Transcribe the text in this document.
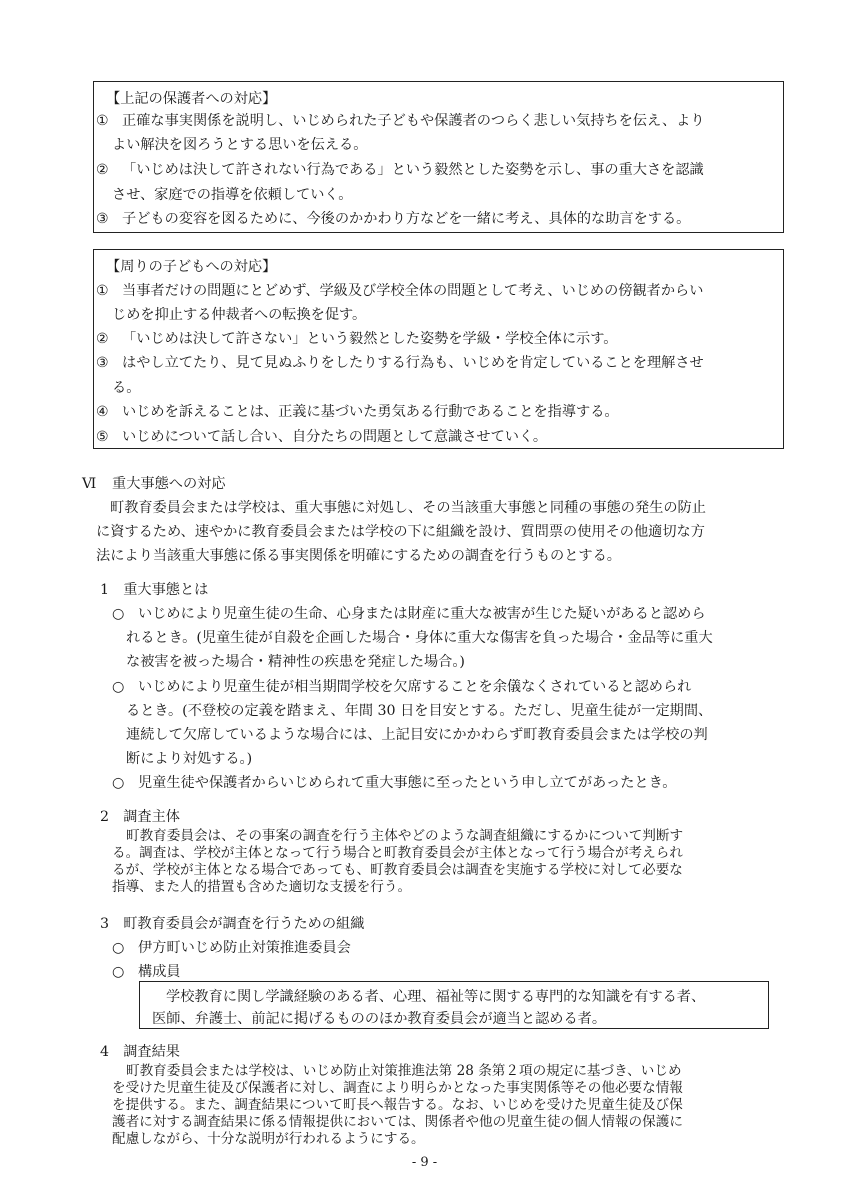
【上記の保護者への対応】
① 正確な事実関係を説明し、いじめられた子どもや保護者のつらく悲しい気持ちを伝え、より
よい解決を図ろうとする思いを伝える。
② 「いじめは決して許されない行為である」という毅然とした姿勢を示し、事の重大さを認識
させ、家庭での指導を依頼していく。
③ 子どもの変容を図るために、今後のかかわり方などを一緒に考え、具体的な助言をする。
【周りの子どもへの対応】
① 当事者だけの問題にとどめず、学級及び学校全体の問題として考え、いじめの傍観者からい
じめを抑止する仲裁者への転換を促す。
② 「いじめは決して許さない」という毅然とした姿勢を学級・学校全体に示す。
③ はやし立てたり、見て見ぬふりをしたりする行為も、いじめを肯定していることを理解させ
る。
④ いじめを訴えることは、正義に基づいた勇気ある行動であることを指導する。
⑤ いじめについて話し合い、自分たちの問題として意識させていく。
Ⅵ 重大事態への対応
町教育委員会または学校は、重大事態に対処し、その当該重大事態と同種の事態の発生の防止
に資するため、速やかに教育委員会または学校の下に組織を設け、質問票の使用その他適切な方
法により当該重大事態に係る事実関係を明確にするための調査を行うものとする。
1　重大事態とは
○ いじめにより児童生徒の生命、心身または財産に重大な被害が生じた疑いがあると認めら
れるとき。(児童生徒が自殺を企画した場合・身体に重大な傷害を負った場合・金品等に重大
な被害を被った場合・精神性の疾患を発症した場合。)
○ いじめにより児童生徒が相当期間学校を欠席することを余儀なくされていると認められ
るとき。(不登校の定義を踏まえ、年間 30 日を目安とする。ただし、児童生徒が一定期間、
連続して欠席しているような場合には、上記目安にかかわらず町教育委員会または学校の判
断により対処する。)
○ 児童生徒や保護者からいじめられて重大事態に至ったという申し立てがあったとき。
2　調査主体
町教育委員会は、その事案の調査を行う主体やどのような調査組織にするかについて判断す
る。調査は、学校が主体となって行う場合と町教育委員会が主体となって行う場合が考えられ
るが、学校が主体となる場合であっても、町教育委員会は調査を実施する学校に対して必要な
指導、また人的措置も含めた適切な支援を行う。
3　町教育委員会が調査を行うための組織
○ 伊方町いじめ防止対策推進委員会
○ 構成員
学校教育に関し学識経験のある者、心理、福祉等に関する専門的な知識を有する者、
医師、弁護士、前記に掲げるもののほか教育委員会が適当と認める者。
4　調査結果
町教育委員会または学校は、いじめ防止対策推進法第 28 条第２項の規定に基づき、いじめ
を受けた児童生徒及び保護者に対し、調査により明らかとなった事実関係等その他必要な情報
を提供する。また、調査結果について町長へ報告する。なお、いじめを受けた児童生徒及び保
護者に対する調査結果に係る情報提供においては、関係者や他の児童生徒の個人情報の保護に
配慮しながら、十分な説明が行われるようにする。
- 9 -
